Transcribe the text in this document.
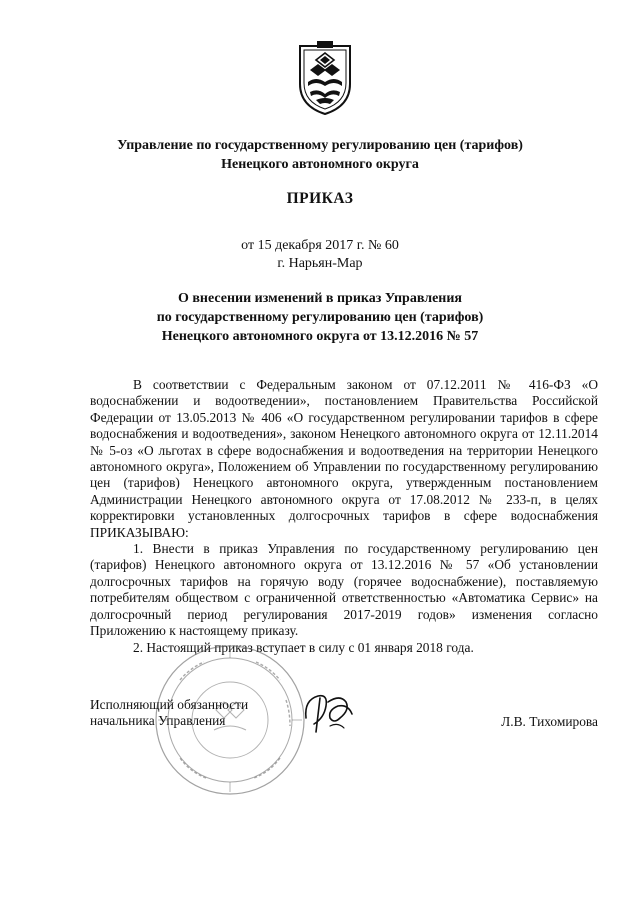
Управление по государственному регулированию цен (тарифов)
Ненецкого автономного округа
ПРИКАЗ
от 15 декабря 2017 г. № 60
г. Нарьян-Мар
О внесении изменений в приказ Управления
по государственному регулированию цен (тарифов)
Ненецкого автономного округа от 13.12.2016 № 57

В соответствии с Федеральным законом от 07.12.2011 № 416-ФЗ «О водоснабжении и водоотведении», постановлением Правительства Российской Федерации от 13.05.2013 № 406 «О государственном регулировании тарифов в сфере водоснабжения и водоотведения», законом Ненецкого автономного округа от 12.11.2014 № 5-оз «О льготах в сфере водоснабжения и водоотведения на территории Ненецкого автономного округа», Положением об Управлении по государственному регулированию цен (тарифов) Ненецкого автономного округа, утвержденным постановлением Администрации Ненецкого автономного округа от 17.08.2012 № 233-п, в целях корректировки установленных долгосрочных тарифов в сфере водоснабжения ПРИКАЗЫВАЮ:

1. Внести в приказ Управления по государственному регулированию цен (тарифов) Ненецкого автономного округа от 13.12.2016 № 57 «Об установлении долгосрочных тарифов на горячую воду (горячее водоснабжение), поставляемую потребителям обществом с ограниченной ответственностью «Автоматика Сервис» на долгосрочный период регулирования 2017-2019 годов» изменения согласно Приложению к настоящему приказу.

2. Настоящий приказ вступает в силу с 01 января 2018 года.

Исполняющий обязанности
начальника Управления	Л.В. Тихомирова
